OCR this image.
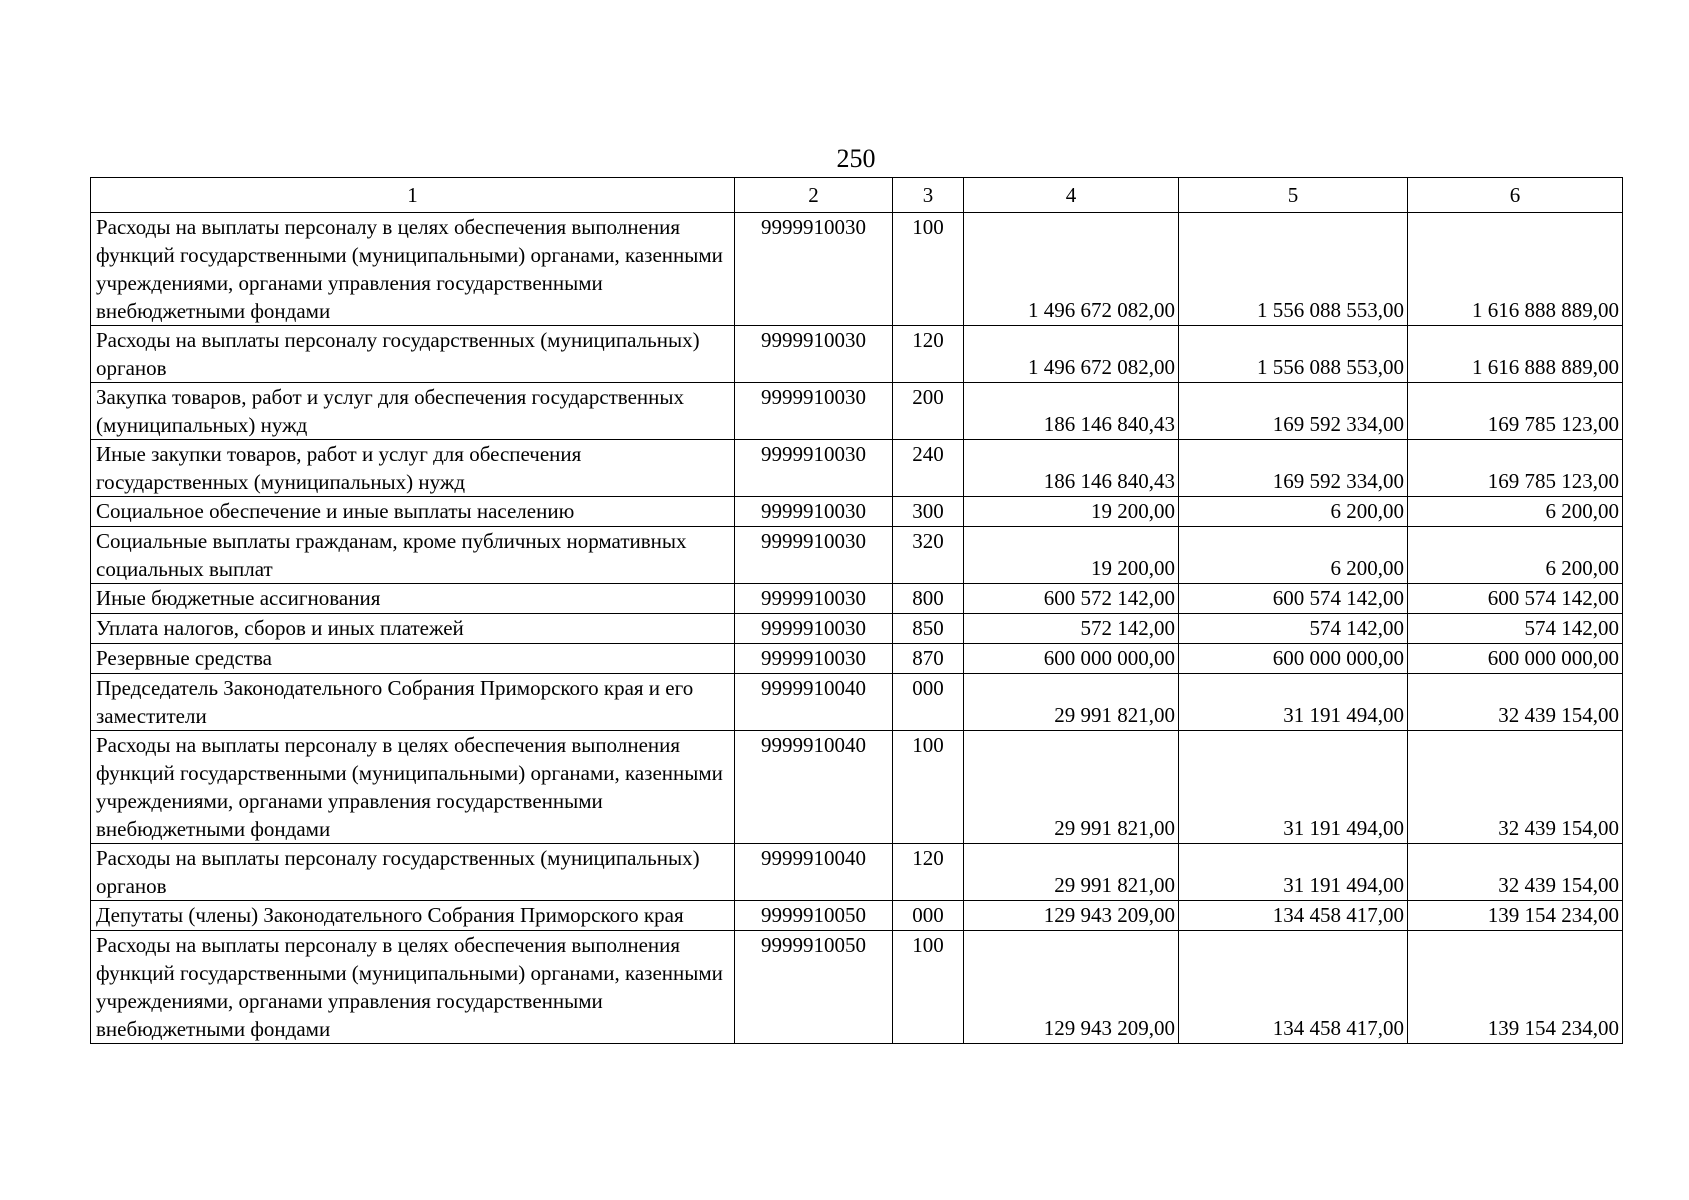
250
1	2	3	4	5	6
Расходы на выплаты персоналу в целях обеспечения выполнения функций государственными (муниципальными) органами, казенными учреждениями, органами управления государственными внебюджетными фондами	9999910030	100	1 496 672 082,00	1 556 088 553,00	1 616 888 889,00
Расходы на выплаты персоналу государственных (муниципальных) органов	9999910030	120	1 496 672 082,00	1 556 088 553,00	1 616 888 889,00
Закупка товаров, работ и услуг для обеспечения государственных (муниципальных) нужд	9999910030	200	186 146 840,43	169 592 334,00	169 785 123,00
Иные закупки товаров, работ и услуг для обеспечения государственных (муниципальных) нужд	9999910030	240	186 146 840,43	169 592 334,00	169 785 123,00
Социальное обеспечение и иные выплаты населению	9999910030	300	19 200,00	6 200,00	6 200,00
Социальные выплаты гражданам, кроме публичных нормативных социальных выплат	9999910030	320	19 200,00	6 200,00	6 200,00
Иные бюджетные ассигнования	9999910030	800	600 572 142,00	600 574 142,00	600 574 142,00
Уплата налогов, сборов и иных платежей	9999910030	850	572 142,00	574 142,00	574 142,00
Резервные средства	9999910030	870	600 000 000,00	600 000 000,00	600 000 000,00
Председатель Законодательного Собрания Приморского края и его заместители	9999910040	000	29 991 821,00	31 191 494,00	32 439 154,00
Расходы на выплаты персоналу в целях обеспечения выполнения функций государственными (муниципальными) органами, казенными учреждениями, органами управления государственными внебюджетными фондами	9999910040	100	29 991 821,00	31 191 494,00	32 439 154,00
Расходы на выплаты персоналу государственных (муниципальных) органов	9999910040	120	29 991 821,00	31 191 494,00	32 439 154,00
Депутаты (члены) Законодательного Собрания Приморского края	9999910050	000	129 943 209,00	134 458 417,00	139 154 234,00
Расходы на выплаты персоналу в целях обеспечения выполнения функций государственными (муниципальными) органами, казенными учреждениями, органами управления государственными внебюджетными фондами	9999910050	100	129 943 209,00	134 458 417,00	139 154 234,00
